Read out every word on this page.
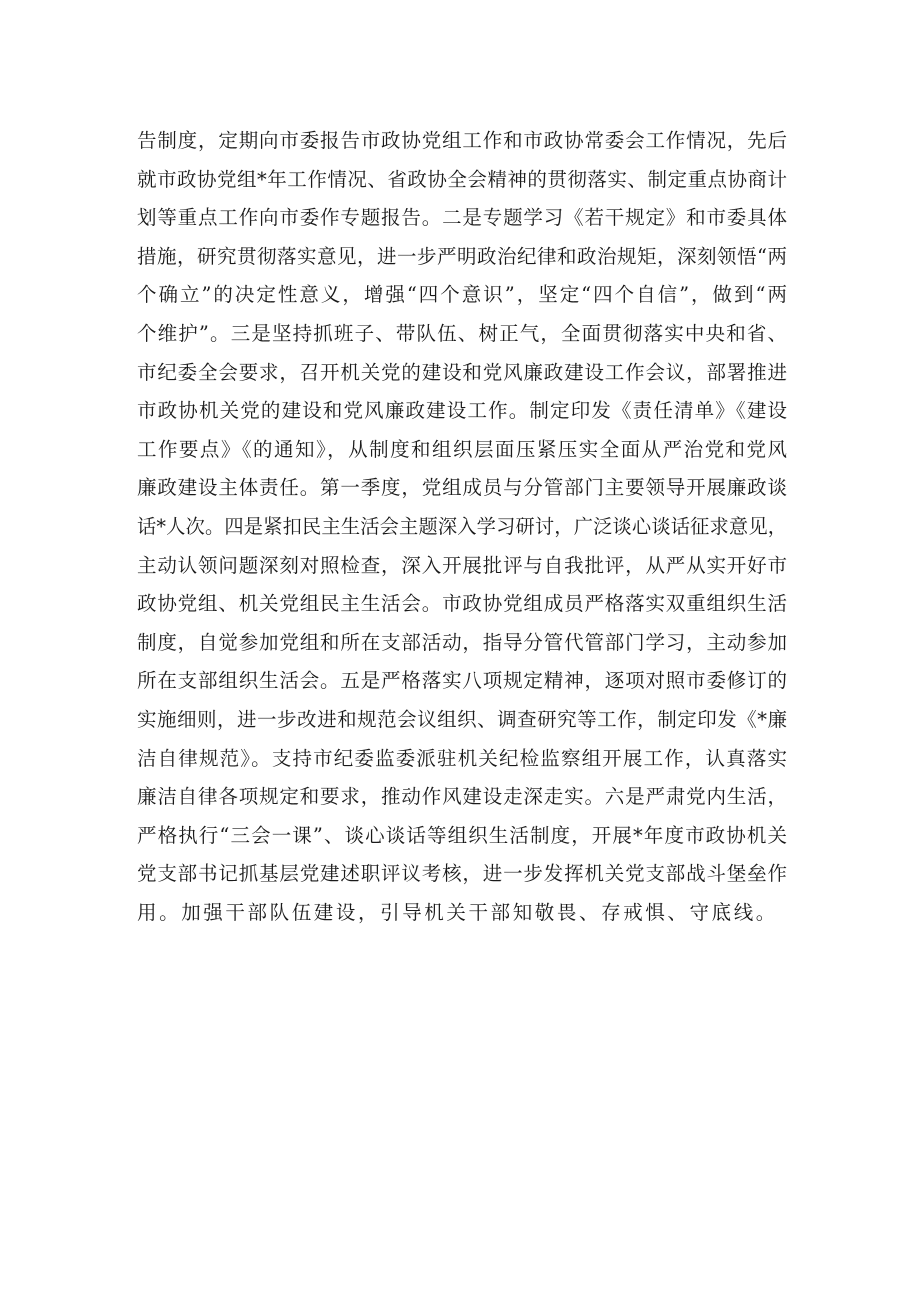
告制度，定期向市委报告市政协党组工作和市政协常委会工作情况，先后
就市政协党组*年工作情况、省政协全会精神的贯彻落实、制定重点协商计
划等重点工作向市委作专题报告。二是专题学习《若干规定》和市委具体
措施，研究贯彻落实意见，进一步严明政治纪律和政治规矩，深刻领悟“两
个确立”的决定性意义，增强“四个意识”，坚定“四个自信”，做到“两
个维护”。三是坚持抓班子、带队伍、树正气，全面贯彻落实中央和省、
市纪委全会要求，召开机关党的建设和党风廉政建设工作会议，部署推进
市政协机关党的建设和党风廉政建设工作。制定印发《责任清单》《建设
工作要点》《的通知》，从制度和组织层面压紧压实全面从严治党和党风
廉政建设主体责任。第一季度，党组成员与分管部门主要领导开展廉政谈
话*人次。四是紧扣民主生活会主题深入学习研讨，广泛谈心谈话征求意见，
主动认领问题深刻对照检查，深入开展批评与自我批评，从严从实开好市
政协党组、机关党组民主生活会。市政协党组成员严格落实双重组织生活
制度，自觉参加党组和所在支部活动，指导分管代管部门学习，主动参加
所在支部组织生活会。五是严格落实八项规定精神，逐项对照市委修订的
实施细则，进一步改进和规范会议组织、调查研究等工作，制定印发《*廉
洁自律规范》。支持市纪委监委派驻机关纪检监察组开展工作，认真落实
廉洁自律各项规定和要求，推动作风建设走深走实。六是严肃党内生活，
严格执行“三会一课”、谈心谈话等组织生活制度，开展*年度市政协机关
党支部书记抓基层党建述职评议考核，进一步发挥机关党支部战斗堡垒作
用。加强干部队伍建设，引导机关干部知敬畏、存戒惧、守底线。
